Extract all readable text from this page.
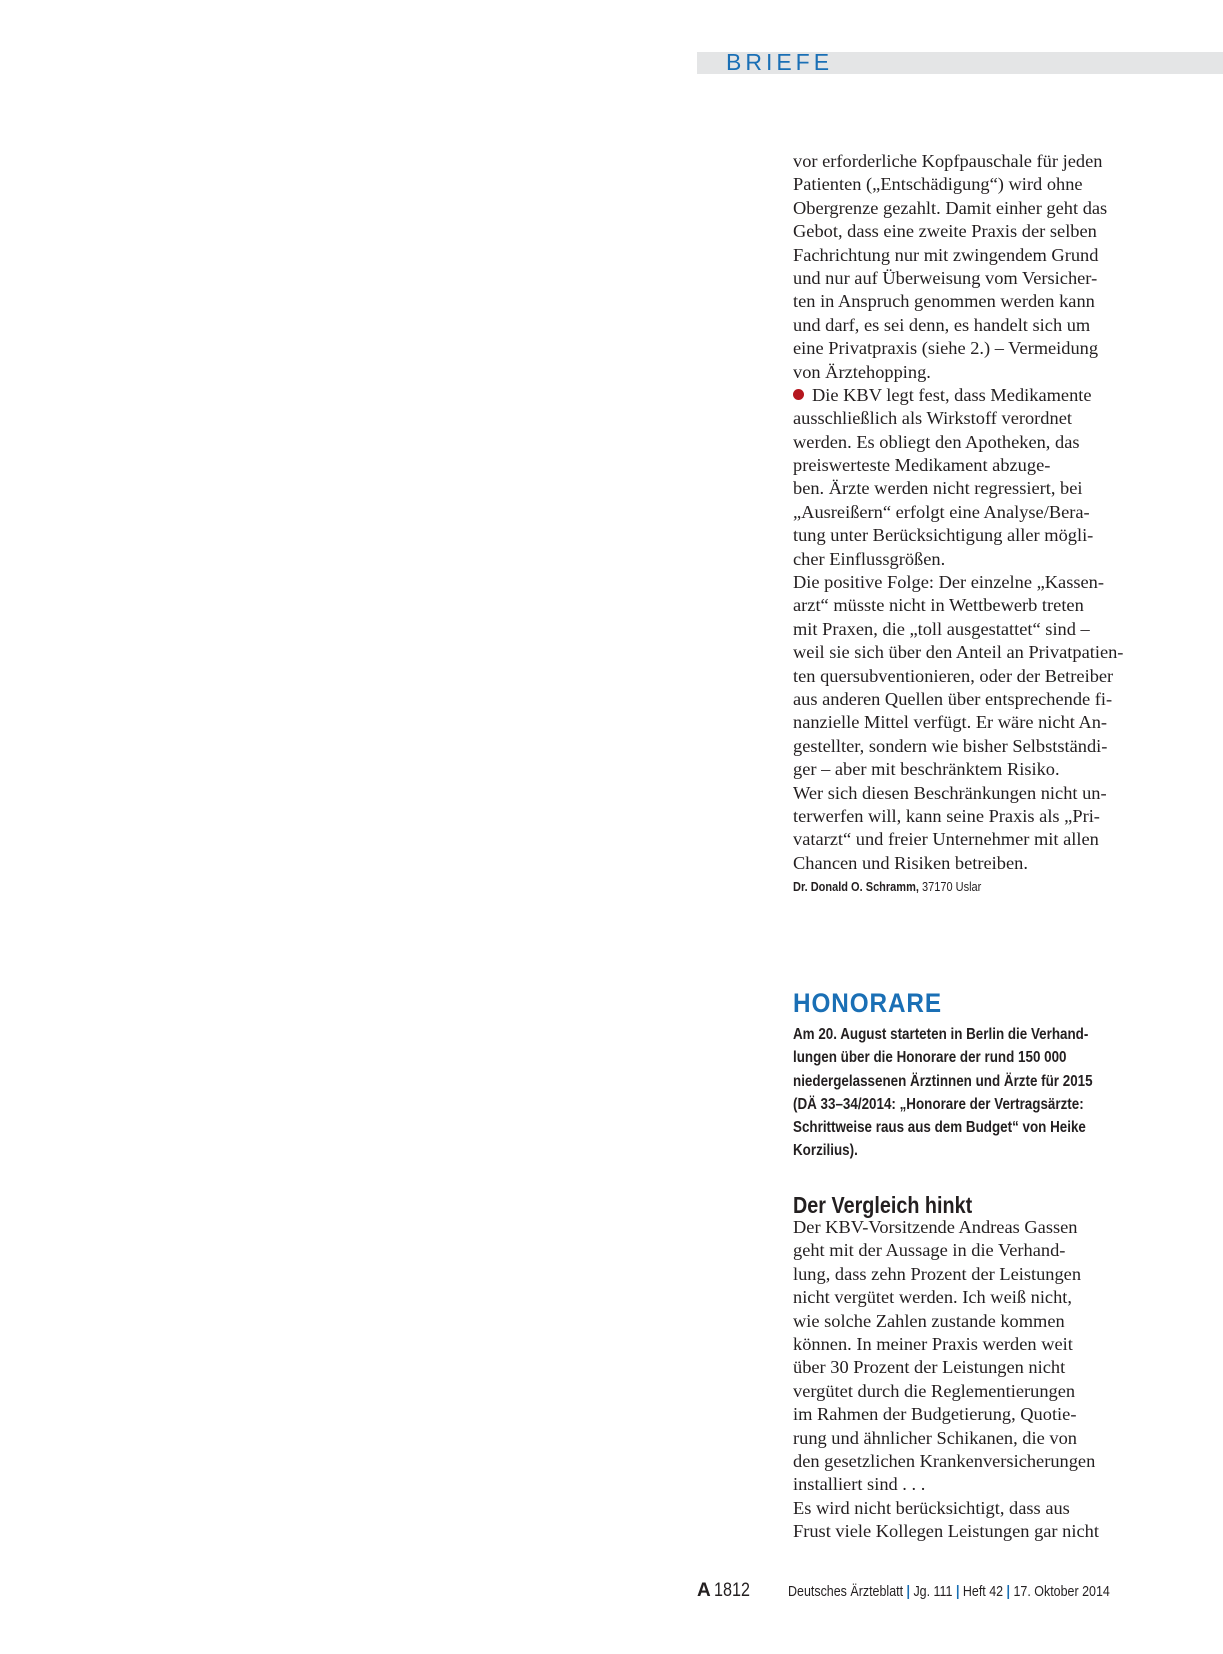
BRIEFE
vor erforderliche Kopfpauschale für jeden
Patienten („Entschädigung“) wird ohne
Obergrenze gezahlt. Damit einher geht das
Gebot, dass eine zweite Praxis der selben
Fachrichtung nur mit zwingendem Grund
und nur auf Überweisung vom Versicher-
ten in Anspruch genommen werden kann
und darf, es sei denn, es handelt sich um
eine Privatpraxis (siehe 2.) – Vermeidung
von Ärztehopping.
Die KBV legt fest, dass Medikamente
ausschließlich als Wirkstoff verordnet
werden. Es obliegt den Apotheken, das
preiswerteste Medikament abzuge-
ben. Ärzte werden nicht regressiert, bei
„Ausreißern“ erfolgt eine Analyse/Bera-
tung unter Berücksichtigung aller mögli-
cher Einflussgrößen.
Die positive Folge: Der einzelne „Kassen-
arzt“ müsste nicht in Wettbewerb treten
mit Praxen, die „toll ausgestattet“ sind –
weil sie sich über den Anteil an Privatpatien-
ten quersubventionieren, oder der Betreiber
aus anderen Quellen über entsprechende fi-
nanzielle Mittel verfügt. Er wäre nicht An-
gestellter, sondern wie bisher Selbstständi-
ger – aber mit beschränktem Risiko.
Wer sich diesen Beschränkungen nicht un-
terwerfen will, kann seine Praxis als „Pri-
vatarzt“ und freier Unternehmer mit allen
Chancen und Risiken betreiben.
Dr. Donald O. Schramm, 37170 Uslar
HONORARE
Am 20. August starteten in Berlin die Verhand-
lungen über die Honorare der rund 150 000
niedergelassenen Ärztinnen und Ärzte für 2015
(DÄ 33–34/2014: „Honorare der Vertragsärzte:
Schrittweise raus aus dem Budget“ von Heike
Korzilius).
Der Vergleich hinkt
Der KBV-Vorsitzende Andreas Gassen
geht mit der Aussage in die Verhand-
lung, dass zehn Prozent der Leistungen
nicht vergütet werden. Ich weiß nicht,
wie solche Zahlen zustande kommen
können. In meiner Praxis werden weit
über 30 Prozent der Leistungen nicht
vergütet durch die Reglementierungen
im Rahmen der Budgetierung, Quotie-
rung und ähnlicher Schikanen, die von
den gesetzlichen Krankenversicherungen
installiert sind . . .
Es wird nicht berücksichtigt, dass aus
Frust viele Kollegen Leistungen gar nicht
A 1812	Deutsches Ärzteblatt | Jg. 111 | Heft 42 | 17. Oktober 2014
